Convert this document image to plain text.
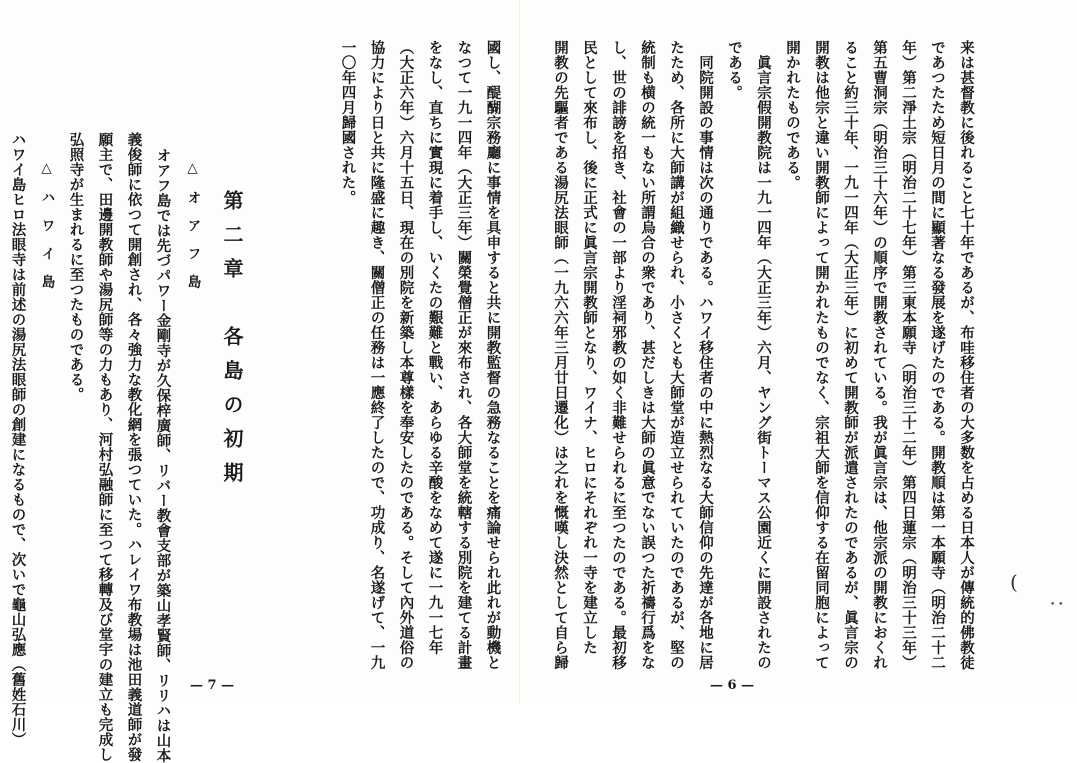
来は甚督教に後れること七十年であるが、布哇移住者の大多数を占める日本人が傳統的佛教徒
であつたため短日月の間に顯著なる發展を遂げたのである。開教順は第一本願寺（明治二十二
年）第二淨土宗（明治二十七年）第三東本願寺（明治三十二年）第四日蓮宗（明治三十三年）
第五曹洞宗（明治三十六年）の順序で開教されている。我が眞言宗は、他宗派の開教におくれ
ること約三十年、一九一四年（大正三年）に初めて開教師が派遣されたのであるが、眞言宗の
開教は他宗と違い開教師によって開かれたものでなく、宗祖大師を信仰する在留同胞によって
開かれたものである。
　眞言宗假開教院は一九一四年（大正三年）六月、ヤング街トーマス公園近くに開設されたの
である。
　同院開設の事情は次の通りである。ハワイ移住者の中に熱烈なる大師信仰の先達が各地に居
たため、各所に大師講が組織せられ、小さくとも大師堂が造立せられていたのであるが、堅の
統制も横の統一もない所謂烏合の衆であり、甚だしきは大師の眞意でない誤つた祈禱行爲をな
し、世の誹謗を招き、社會の一部より淫祠邪教の如く非難せられるに至つたのである。最初移
民として來布し、後に正式に眞言宗開教師となり、ワイナ、ヒロにそれぞれ一寺を建立した
開教の先驅者である湯尻法眼師（一九六六年三月廿日遷化）は之れを慨嘆し決然として自ら歸
— 6 —
國し、醍醐宗務廳に事情を具申すると共に開教監督の急務なることを痛論せられ此れが動機と
なつて一九一四年（大正三年）關榮覺僧正が來布され、各大師堂を統轄する別院を建てる計畫
をなし、直ちに實現に着手し、いくたの艱難と戰い、あらゆる辛酸をなめて遂に一九一七年
（大正六年）六月十五日、現在の別院を新築し本尊樣を奉安したのである。そして內外道俗の
協力により日と共に隆盛に趣き、關僧正の任務は一應終了したので、功成り、名遂げて、一九
一〇年四月歸國された。
第二章　各島の初期
△　オ　ア　フ　島
オアフ島では先づパワー金剛寺が久保梓廣師、リバー教會支部が築山孝賢師、リリハは山本
義俊師に依つて開創され、各々強力な教化網を張つていた。ハレイワ布教場は池田義道師が發
願主で、田邊開教師や湯尻師等の力もあり、河村弘融師に至つて移轉及び堂宇の建立も完成し
弘照寺が生まれるに至つたものである。
△　ハ　ワ　イ　島
ハワイ島ヒロ法眼寺は前述の湯尻法眼師の創建になるもので、次いで龜山弘應（舊姓石川）	— 7 —
(
• •
